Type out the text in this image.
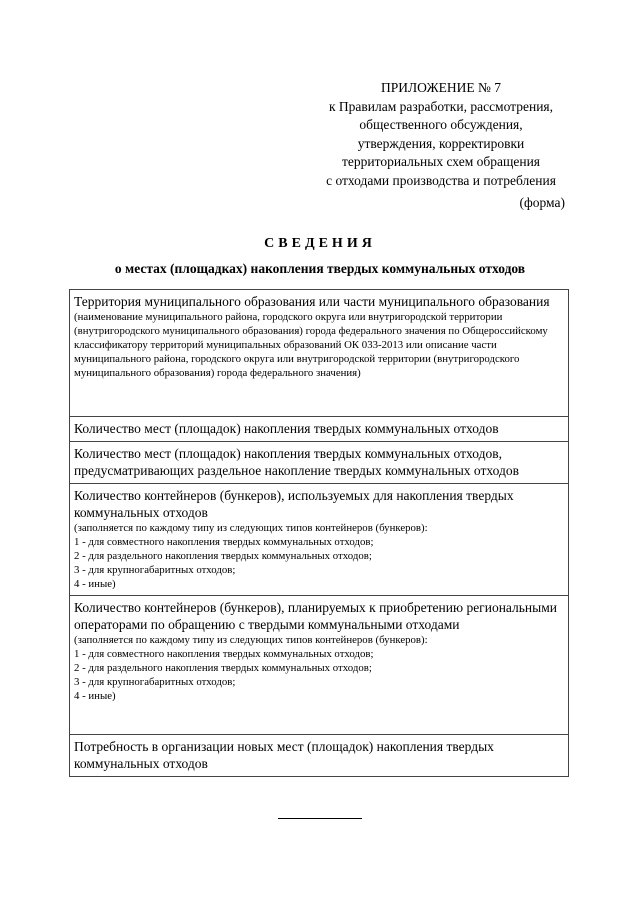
ПРИЛОЖЕНИЕ № 7
к Правилам разработки, рассмотрения,
общественного обсуждения,
утверждения, корректировки
территориальных схем обращения
с отходами производства и потребления
(форма)
СВЕДЕНИЯ
о местах (площадках) накопления твердых коммунальных отходов
Территория муниципального образования или части муниципального образования
(наименование муниципального района, городского округа или внутригородской территории (внутригородского муниципального образования) города федерального значения по Общероссийскому классификатору территорий муниципальных образований ОК 033-2013 или описание части муниципального района, городского округа или внутригородской территории (внутригородского муниципального образования) города федерального значения)

Количество мест (площадок) накопления твердых коммунальных отходов

Количество мест (площадок) накопления твердых коммунальных отходов, предусматривающих раздельное накопление твердых коммунальных отходов

Количество контейнеров (бункеров), используемых для накопления твердых коммунальных отходов
(заполняется по каждому типу из следующих типов контейнеров (бункеров):
1 - для совместного накопления твердых коммунальных отходов;
2 - для раздельного накопления твердых коммунальных отходов;
3 - для крупногабаритных отходов;
4 - иные)

Количество контейнеров (бункеров), планируемых к приобретению региональными операторами по обращению с твердыми коммунальными отходами
(заполняется по каждому типу из следующих типов контейнеров (бункеров):
1 - для совместного накопления твердых коммунальных отходов;
2 - для раздельного накопления твердых коммунальных отходов;
3 - для крупногабаритных отходов;
4 - иные)

Потребность в организации новых мест (площадок) накопления твердых коммунальных отходов
